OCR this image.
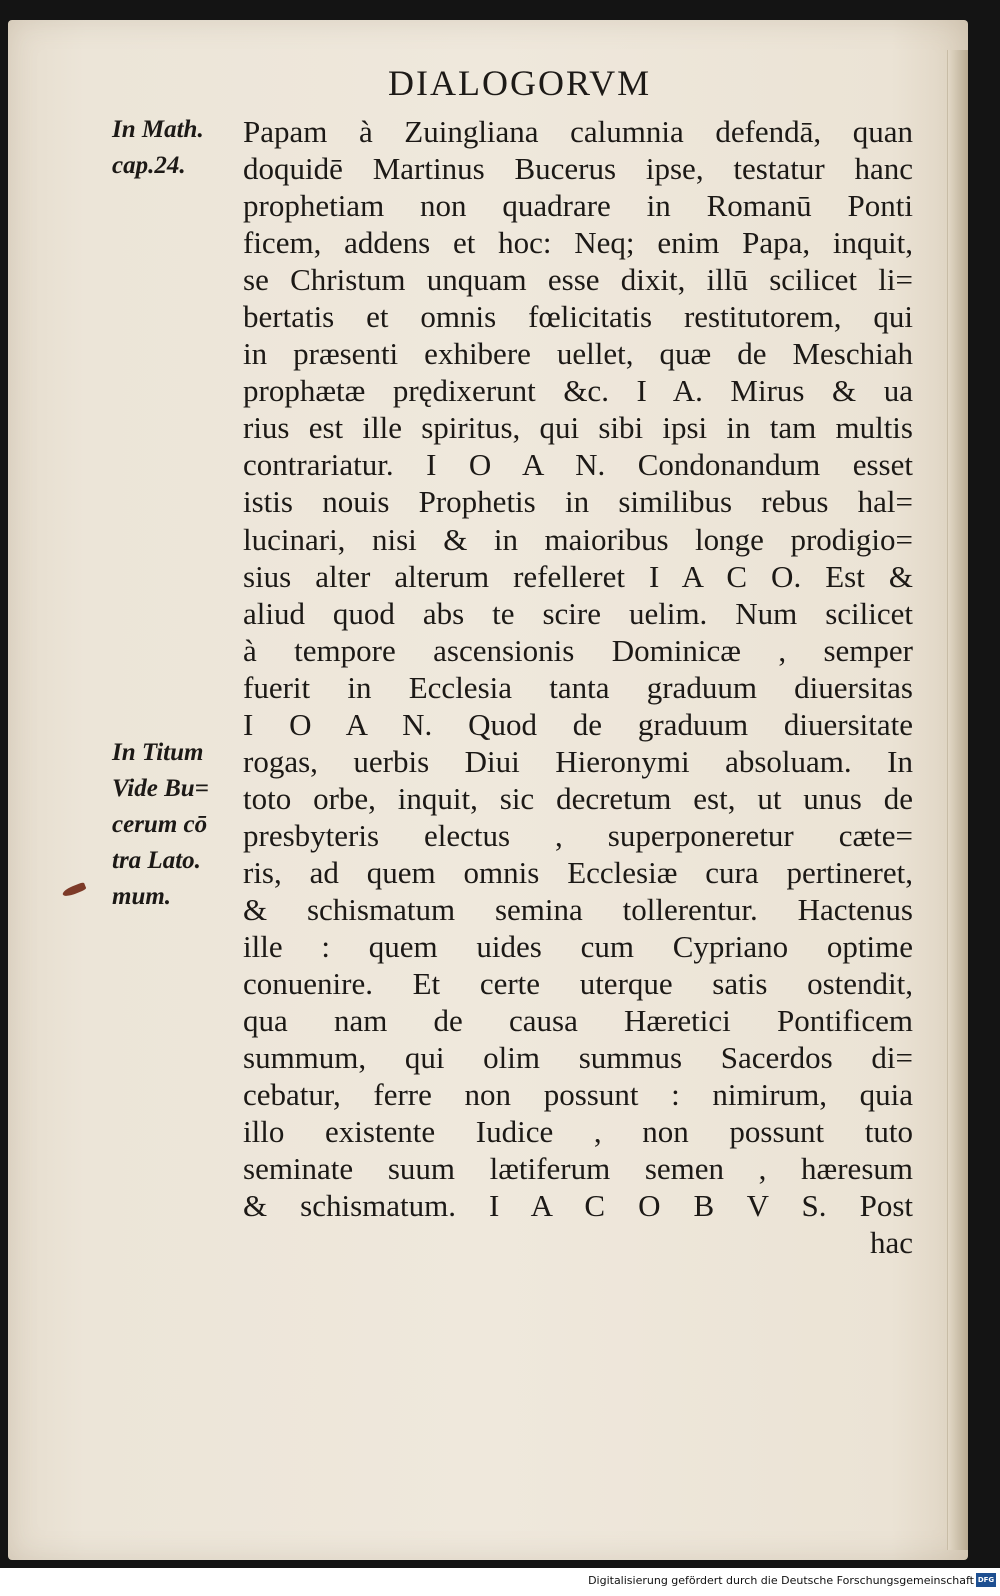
DIALOGORVM
In Math.
cap.24.
In Titum
Vide Bu=
cerum cō
tra Lato.
mum.
Papam à Zuingliana calumnia defendā, quan
doquidē Martinus Bucerus ipse, testatur hanc
prophetiam non quadrare in Romanū Ponti
ficem, addens et hoc: Neq; enim Papa, inquit,
se Christum unquam esse dixit, illū scilicet li=
bertatis et omnis fœlicitatis restitutorem, qui
in præsenti exhibere uellet, quæ de Meschiah
prophætæ prędixerunt &c. I A. Mirus & ua
rius est ille spiritus, qui sibi ipsi in tam multis
contrariatur. I O A N. Condonandum esset
istis nouis Prophetis in similibus rebus hal=
lucinari, nisi & in maioribus longe prodigio=
sius alter alterum refelleret I A C O. Est &
aliud quod abs te scire uelim. Num scilicet
à tempore ascensionis Dominicæ , semper
fuerit in Ecclesia tanta graduum diuersitas
I O A N. Quod de graduum diuersitate
rogas, uerbis Diui Hieronymi absoluam. In
toto orbe, inquit, sic decretum est, ut unus de
presbyteris electus , superponeretur cæte=
ris, ad quem omnis Ecclesiæ cura pertineret,
& schismatum semina tollerentur. Hactenus
ille : quem uides cum Cypriano optime
conuenire. Et certe uterque satis ostendit,
qua nam de causa Hæretici Pontificem
summum, qui olim summus Sacerdos di=
cebatur, ferre non possunt : nimirum, quia
illo existente Iudice , non possunt tuto
seminate suum lætiferum semen , hæresum
& schismatum. I A C O B V S. Post
hac
Digitalisierung gefördert durch die Deutsche Forschungsgemeinschaft DFG
